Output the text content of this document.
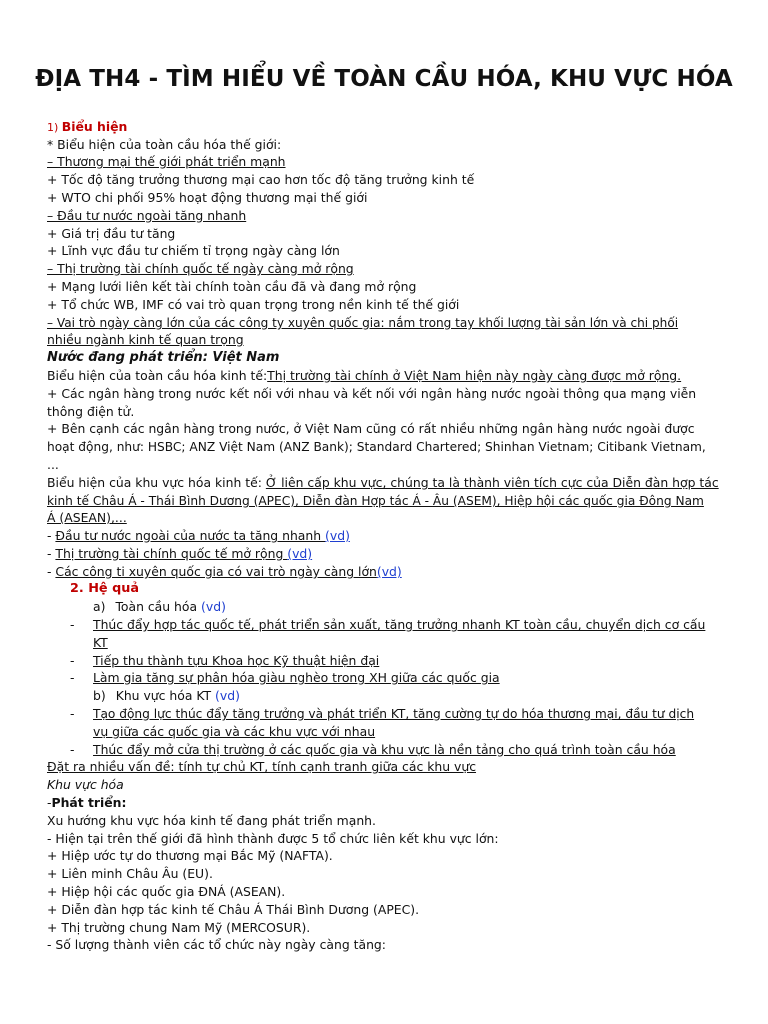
ĐỊA TH4 - TÌM HIỂU VỀ TOÀN CẦU HÓA, KHU VỰC HÓA
1) Biểu hiện
* Biểu hiện của toàn cầu hóa thế giới:
– Thương mại thế giới phát triển mạnh
+ Tốc độ tăng trưởng thương mại cao hơn tốc độ tăng trưởng kinh tế
+ WTO chi phối 95% hoạt động thương mại thế giới
– Đầu tư nước ngoài tăng nhanh
+ Giá trị đầu tư tăng
+ Lĩnh vực đầu tư chiếm tỉ trọng ngày càng lớn
– Thị trường tài chính quốc tế ngày càng mở rộng
+ Mạng lưới liên kết tài chính toàn cầu đã và đang mở rộng
+ Tổ chức WB, IMF có vai trò quan trọng trong nền kinh tế thế giới
– Vai trò ngày càng lớn của các công ty xuyên quốc gia: nắm trong tay khối lượng tài sản lớn và chi phối
nhiều ngành kinh tế quan trọng
Nước đang phát triển: Việt Nam
Biểu hiện của toàn cầu hóa kinh tế:Thị trường tài chính ở Việt Nam hiện này ngày càng được mở rộng.
+ Các ngân hàng trong nước kết nối với nhau và kết nối với ngân hàng nước ngoài thông qua mạng viễn
thông điện tử.
+ Bên cạnh các ngân hàng trong nước, ở Việt Nam cũng có rất nhiều những ngân hàng nước ngoài được
hoạt động, như: HSBC; ANZ Việt Nam (ANZ Bank); Standard Chartered; Shinhan Vietnam; Citibank Vietnam,
...
Biểu hiện của khu vực hóa kinh tế: Ở liên cấp khu vực, chúng ta là thành viên tích cực của Diễn đàn hợp tác
kinh tế Châu Á - Thái Bình Dương (APEC), Diễn đàn Hợp tác Á - Âu (ASEM), Hiệp hội các quốc gia Đông Nam
Á (ASEAN),...
- Đầu tư nước ngoài của nước ta tăng nhanh (vd)
- Thị trường tài chính quốc tế mở rộng (vd)
- Các công ti xuyên quốc gia có vai trò ngày càng lớn(vd)
2. Hệ quả
a) Toàn cầu hóa (vd)
- Thúc đẩy hợp tác quốc tế, phát triển sản xuất, tăng trưởng nhanh KT toàn cầu, chuyển dịch cơ cấu
KT
- Tiếp thu thành tựu Khoa học Kỹ thuật hiện đại
- Làm gia tăng sự phân hóa giàu nghèo trong XH giữa các quốc gia
b) Khu vực hóa KT (vd)
- Tạo động lực thúc đẩy tăng trưởng và phát triển KT, tăng cường tự do hóa thương mại, đầu tư dịch
vụ giữa các quốc gia và các khu vực với nhau
- Thúc đẩy mở cửa thị trường ở các quốc gia và khu vực là nền tảng cho quá trình toàn cầu hóa
Đặt ra nhiều vấn đề: tính tự chủ KT, tính cạnh tranh giữa các khu vực
Khu vực hóa
-Phát triển:
Xu hướng khu vực hóa kinh tế đang phát triển mạnh.
- Hiện tại trên thế giới đã hình thành được 5 tổ chức liên kết khu vực lớn:
+ Hiệp ước tự do thương mại Bắc Mỹ (NAFTA).
+ Liên minh Châu Âu (EU).
+ Hiệp hội các quốc gia ĐNÁ (ASEAN).
+ Diễn đàn hợp tác kinh tế Châu Á Thái Bình Dương (APEC).
+ Thị trường chung Nam Mỹ (MERCOSUR).
- Số lượng thành viên các tổ chức này ngày càng tăng:
